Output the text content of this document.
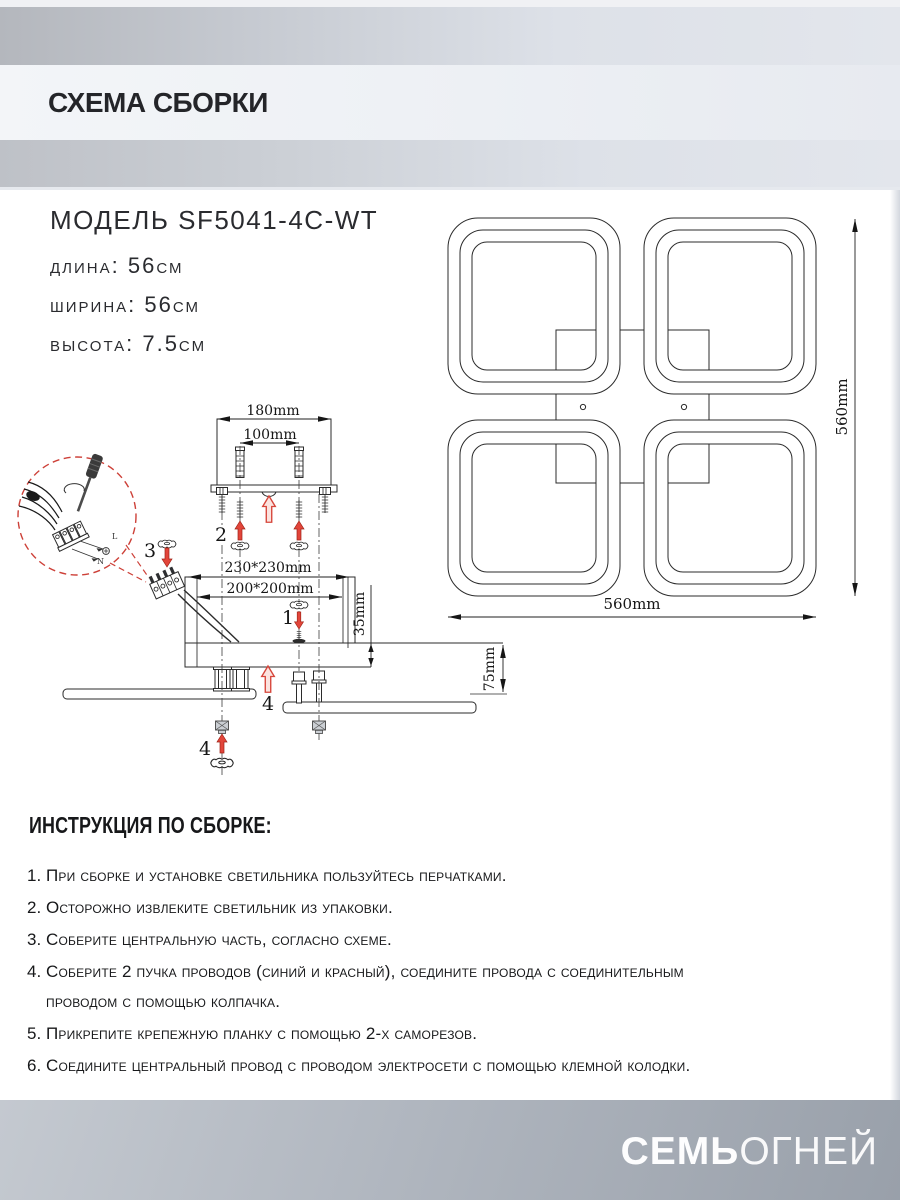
СХЕМА СБОРКИ
МОДЕЛЬ SF5041-4C-WT
длина: 56см
ширина: 56см
высота: 7.5см
560mm
560mm
180mm
100mm
230*230mm
200*200mm
35mm
75mm
2
3
1
4
4
L
N
ИНСТРУКЦИЯ ПО СБОРКЕ:
1. При сборке и установке светильника пользуйтесь перчатками.
2. Осторожно извлеките светильник из упаковки.
3. Соберите центральную часть, согласно схеме.
4. Соберите 2 пучка проводов (синий и красный), соедините провода с соединительным
проводом с помощью колпачка.
5. Прикрепите крепежную планку с помощью 2-х саморезов.
6. Соедините центральный провод с проводом электросети с помощью клемной колодки.
СЕМЬОГНЕЙ
